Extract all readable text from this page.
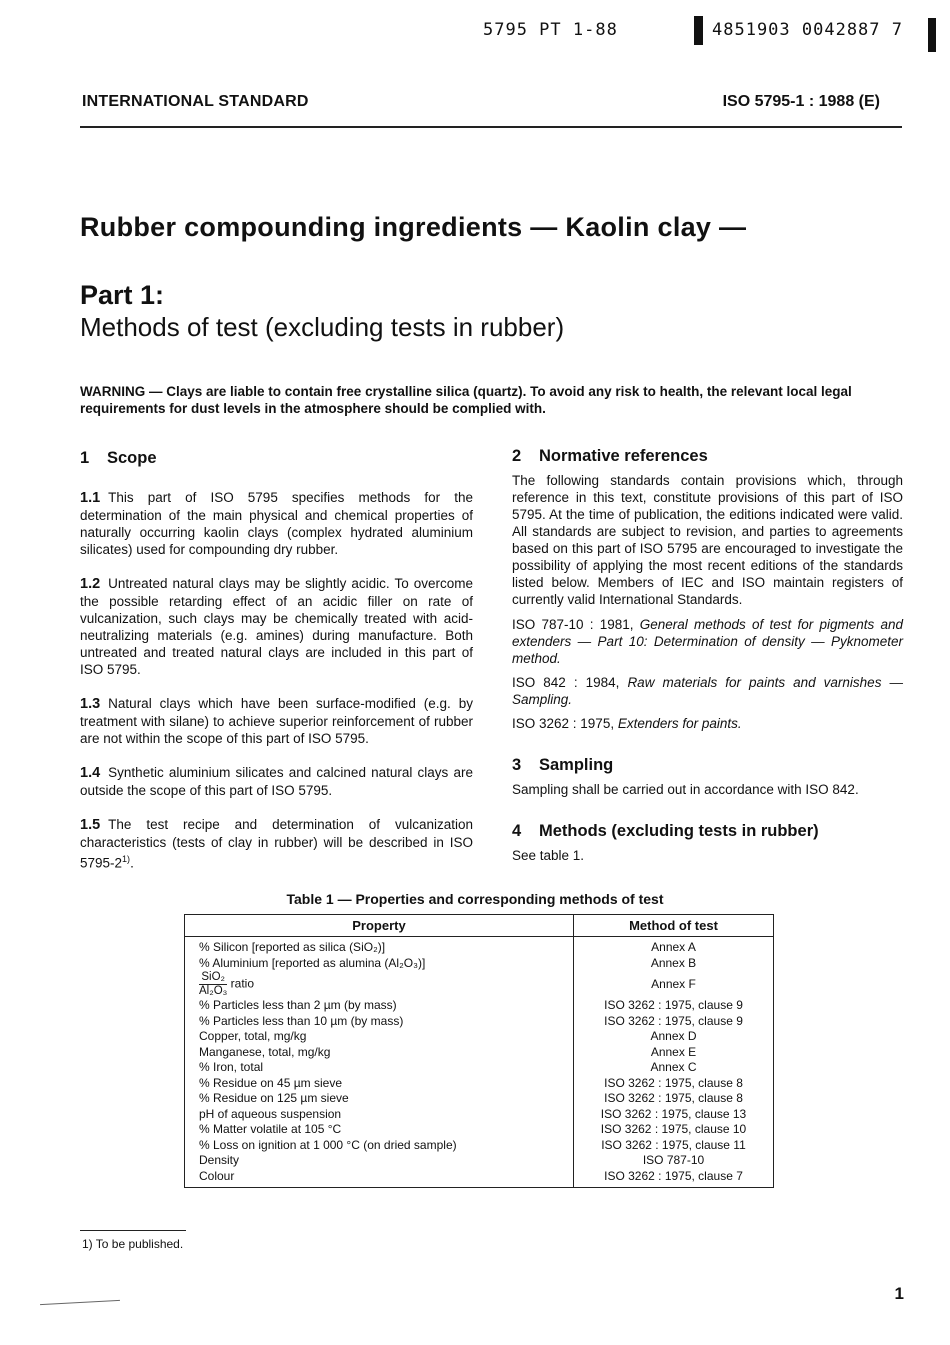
5795 PT 1-88	4851903 0042887 7
INTERNATIONAL STANDARD	ISO 5795-1 : 1988 (E)
Rubber compounding ingredients — Kaolin clay —
Part 1:
Methods of test (excluding tests in rubber)
WARNING — Clays are liable to contain free crystalline silica (quartz). To avoid any risk to health, the relevant local legal requirements for dust levels in the atmosphere should be complied with.

1 Scope

1.1 This part of ISO 5795 specifies methods for the determination of the main physical and chemical properties of naturally occurring kaolin clays (complex hydrated aluminium silicates) used for compounding dry rubber.

1.2 Untreated natural clays may be slightly acidic. To overcome the possible retarding effect of an acidic filler on rate of vulcanization, such clays may be chemically treated with acid-neutralizing materials (e.g. amines) during manufacture. Both untreated and treated natural clays are included in this part of ISO 5795.

1.3 Natural clays which have been surface-modified (e.g. by treatment with silane) to achieve superior reinforcement of rubber are not within the scope of this part of ISO 5795.

1.4 Synthetic aluminium silicates and calcined natural clays are outside the scope of this part of ISO 5795.

1.5 The test recipe and determination of vulcanization characteristics (tests of clay in rubber) will be described in ISO 5795-2$^{1)}$.

2 Normative references

The following standards contain provisions which, through reference in this text, constitute provisions of this part of ISO 5795. At the time of publication, the editions indicated were valid. All standards are subject to revision, and parties to agreements based on this part of ISO 5795 are encouraged to investigate the possibility of applying the most recent editions of the standards listed below. Members of IEC and ISO maintain registers of currently valid International Standards.

ISO 787-10 : 1981, General methods of test for pigments and extenders — Part 10: Determination of density — Pyknometer method.

ISO 842 : 1984, Raw materials for paints and varnishes — Sampling.

ISO 3262 : 1975, Extenders for paints.

3 Sampling

Sampling shall be carried out in accordance with ISO 842.

4 Methods (excluding tests in rubber)

See table 1.

Table 1 — Properties and corresponding methods of test
Property	Method of test
% Silicon [reported as silica (SiO₂)]	Annex A
% Aluminium [reported as alumina (Al₂O₃)]	Annex B

$\frac{\text{SiO₂}}{\text{Al₂O₃}}$ ratio	Annex F
% Particles less than 2 µm (by mass)	ISO 3262 : 1975, clause 9
% Particles less than 10 µm (by mass)	ISO 3262 : 1975, clause 9
Copper, total, mg/kg	Annex D
Manganese, total, mg/kg	Annex E
% Iron, total	Annex C
% Residue on 45 µm sieve	ISO 3262 : 1975, clause 8
% Residue on 125 µm sieve	ISO 3262 : 1975, clause 8
pH of aqueous suspension	ISO 3262 : 1975, clause 13
% Matter volatile at 105 °C	ISO 3262 : 1975, clause 10
% Loss on ignition at 1 000 °C (on dried sample)	ISO 3262 : 1975, clause 11
Density	ISO 787-10
Colour	ISO 3262 : 1975, clause 7
1) To be published.
1
